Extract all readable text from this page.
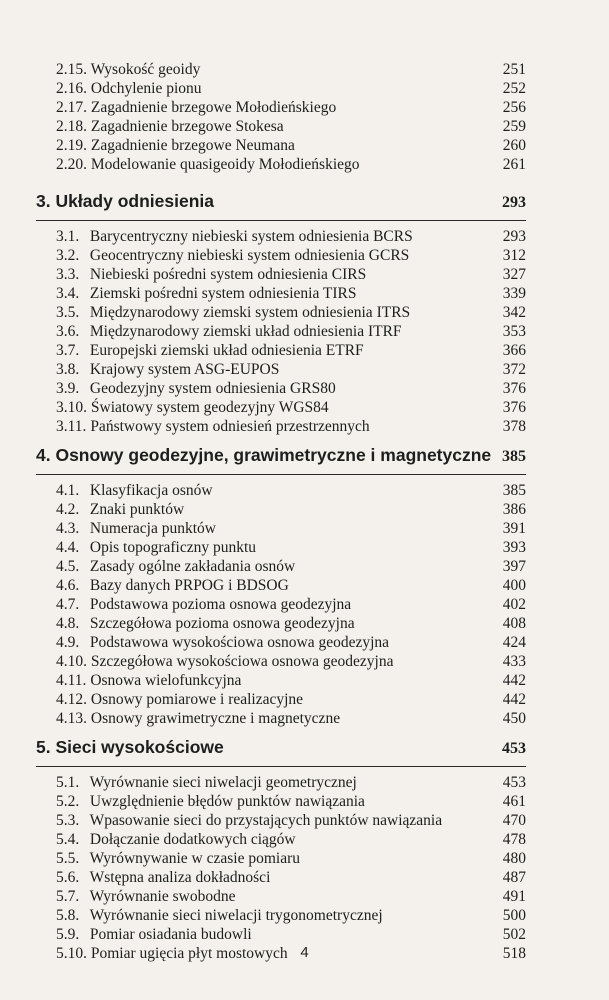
2.15. Wysokość geoidy	251
2.16. Odchylenie pionu	252
2.17. Zagadnienie brzegowe Mołodieńskiego	256
2.18. Zagadnienie brzegowe Stokesa	259
2.19. Zagadnienie brzegowe Neumana	260
2.20. Modelowanie quasigeoidy Mołodieńskiego	261
3. Układy odniesienia	293
3.1. Barycentryczny niebieski system odniesienia BCRS	293
3.2. Geocentryczny niebieski system odniesienia GCRS	312
3.3. Niebieski pośredni system odniesienia CIRS	327
3.4. Ziemski pośredni system odniesienia TIRS	339
3.5. Międzynarodowy ziemski system odniesienia ITRS	342
3.6. Międzynarodowy ziemski układ odniesienia ITRF	353
3.7. Europejski ziemski układ odniesienia ETRF	366
3.8. Krajowy system ASG-EUPOS	372
3.9. Geodezyjny system odniesienia GRS80	376
3.10. Światowy system geodezyjny WGS84	376
3.11. Państwowy system odniesień przestrzennych	378
4. Osnowy geodezyjne, grawimetryczne i magnetyczne 385
4.1. Klasyfikacja osnów	385
4.2. Znaki punktów	386
4.3. Numeracja punktów	391
4.4. Opis topograficzny punktu	393
4.5. Zasady ogólne zakładania osnów	397
4.6. Bazy danych PRPOG i BDSOG	400
4.7. Podstawowa pozioma osnowa geodezyjna	402
4.8. Szczegółowa pozioma osnowa geodezyjna	408
4.9. Podstawowa wysokościowa osnowa geodezyjna	424
4.10. Szczegółowa wysokościowa osnowa geodezyjna	433
4.11. Osnowa wielofunkcyjna	442
4.12. Osnowy pomiarowe i realizacyjne	442
4.13. Osnowy grawimetryczne i magnetyczne	450
5. Sieci wysokościowe	453
5.1. Wyrównanie sieci niwelacji geometrycznej	453
5.2. Uwzględnienie błędów punktów nawiązania	461
5.3. Wpasowanie sieci do przystających punktów nawiązania	470
5.4. Dołączanie dodatkowych ciągów	478
5.5. Wyrównywanie w czasie pomiaru	480
5.6. Wstępna analiza dokładności	487
5.7. Wyrównanie swobodne	491
5.8. Wyrównanie sieci niwelacji trygonometrycznej	500
5.9. Pomiar osiadania budowli	502
5.10. Pomiar ugięcia płyt mostowych	518
4
